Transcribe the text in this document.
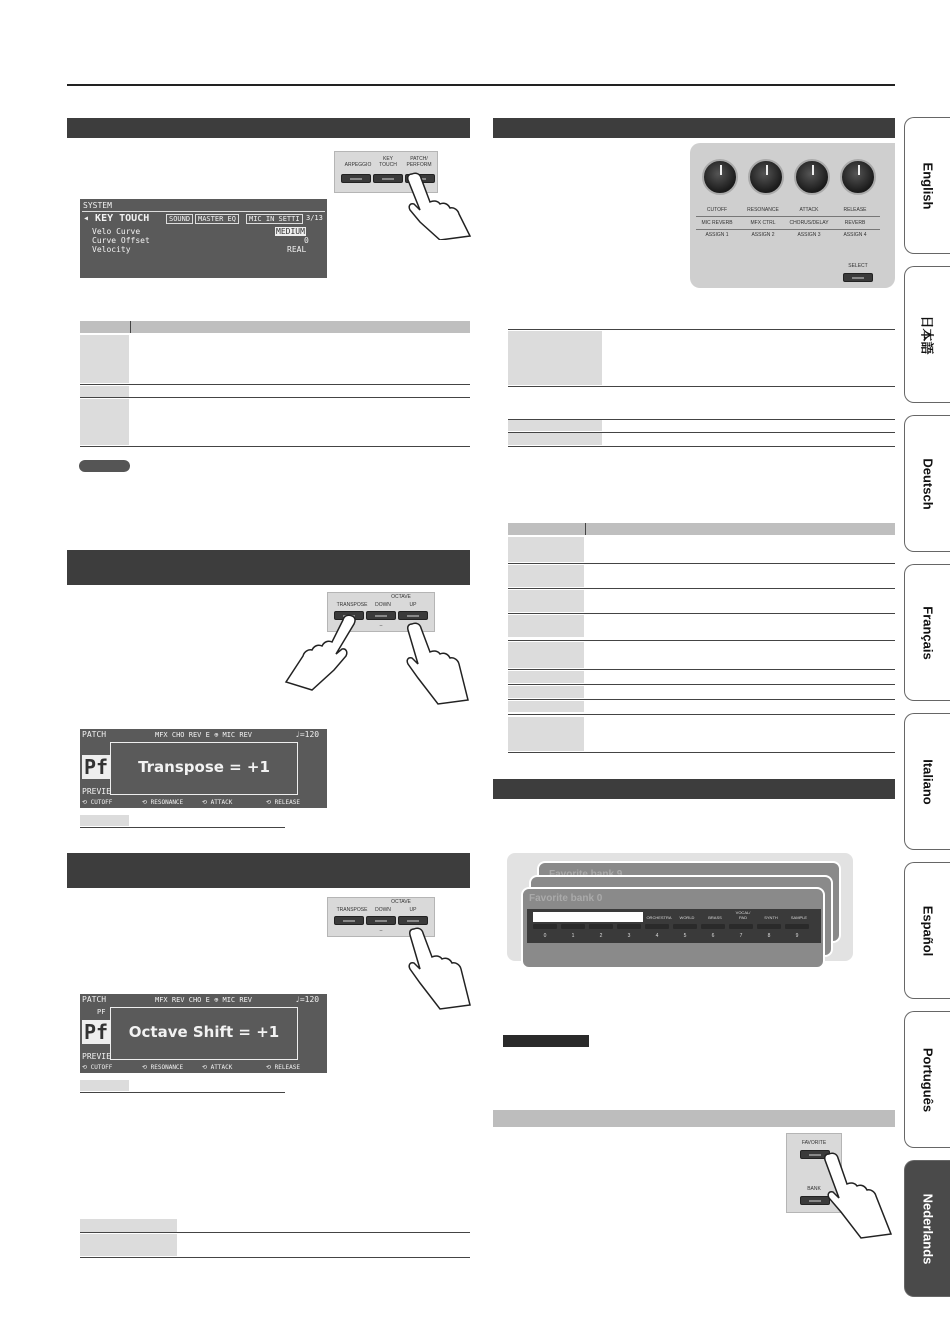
ARPEGGIO
KEY
TOUCH
PATCH/
PERFORM
SYSTEM
◂ KEY TOUCH	SOUND	MASTER EQ	MIC IN SETTI 3/13
Velo Curve	MEDIUM
Curve Offset	0
Velocity	REAL
OCTAVE
TRANSPOSE	DOWN	UP
–
PATCH	MFX CHO REV E ⊕ MIC REV	♩=120
Pf	Transpose = +1
PREVIE
⟲ CUTOFF	⟲ RESONANCE	⟲ ATTACK	⟲ RELEASE
OCTAVE
TRANSPOSE	DOWN	UP
–
PATCH	MFX REV CHO E ⊕ MIC REV	♩=120
PF
Pf	Octave Shift = +1
PREVIE
⟲ CUTOFF	⟲ RESONANCE	⟲ ATTACK	⟲ RELEASE
CUTOFF	RESONANCE	ATTACK	RELEASE
MIC REVERB	MFX CTRL	CHORUS/DELAY	REVERB
ASSIGN 1	ASSIGN 2	ASSIGN 3	ASSIGN 4
SELECT
Favorite bank 0
ORCHESTRA	WORLD	BRASS
VOCAL/
PAD	SYNTH	SAMPLE
0	1	2	3	4	5	6	7	8	9
FAVORITE
BANK
English
日本語
Deutsch
Français
Italiano
Español
Português
Nederlands
